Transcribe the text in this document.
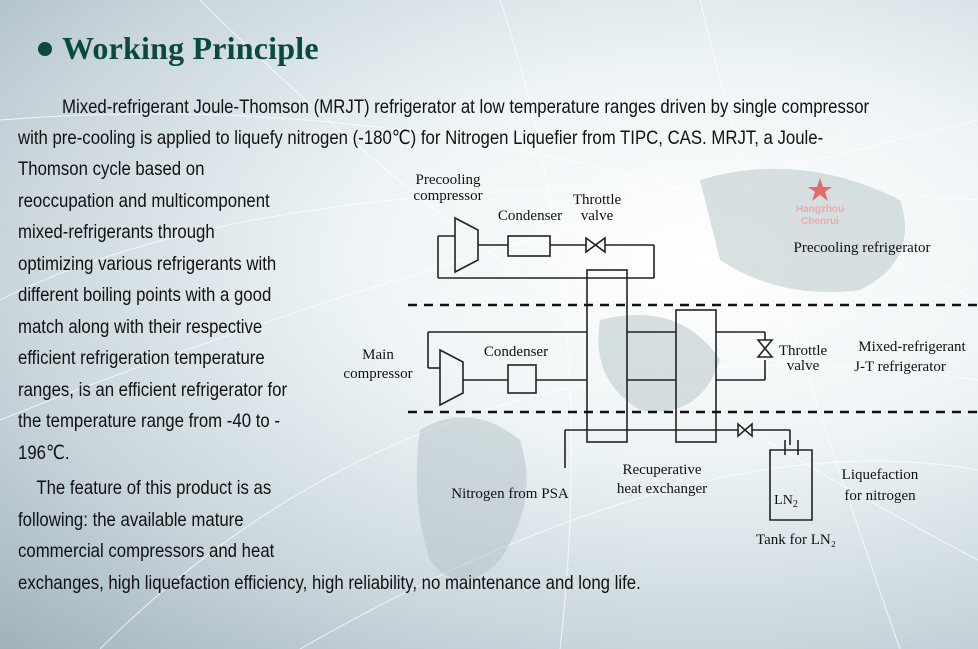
Working Principle
Mixed-refrigerant Joule-Thomson (MRJT) refrigerator at low temperature ranges driven by single compressor
with pre-cooling is applied to liquefy nitrogen (-180℃) for Nitrogen Liquefier from TIPC, CAS. MRJT, a Joule-
Thomson cycle based on
reoccupation and multicomponent
mixed-refrigerants through
optimizing various refrigerants with
different boiling points with a good
match along with their respective
efficient refrigeration temperature
ranges, is an efficient refrigerator for
the temperature range from -40 to -
196℃.
The feature of this product is as
following: the available mature
commercial compressors and heat
exchanges, high liquefaction efficiency, high reliability, no maintenance and long life.
Hangzhou
Chenrui
Precooling
compressor
Condenser
Throttle
valve
Precooling refrigerator
Main
compressor
Condenser	Throttle
valve
Mixed-refrigerant
J-T refrigerator
Recuperative
heat exchanger
Nitrogen from PSA
Liquefaction
for nitrogen
Tank for LN₂
$LN_2$
